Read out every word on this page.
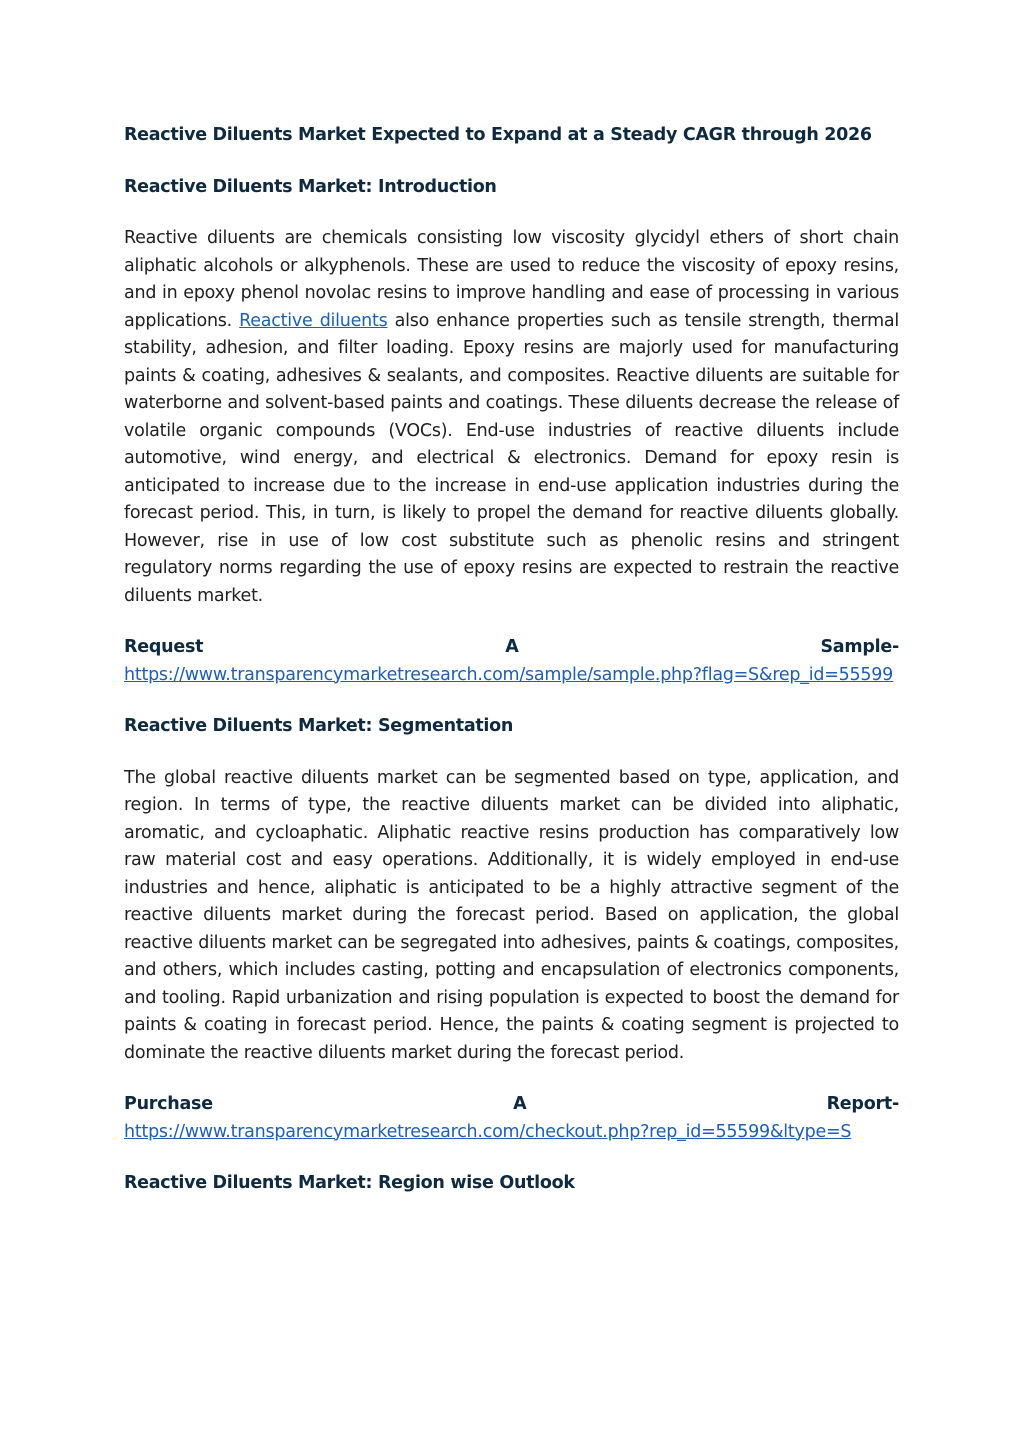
Reactive Diluents Market Expected to Expand at a Steady CAGR through 2026
Reactive Diluents Market: Introduction

Reactive diluents are chemicals consisting low viscosity glycidyl ethers of short chain aliphatic alcohols or alkyphenols. These are used to reduce the viscosity of epoxy resins, and in epoxy phenol novolac resins to improve handling and ease of processing in various applications. Reactive diluents also enhance properties such as tensile strength, thermal stability, adhesion, and filter loading. Epoxy resins are majorly used for manufacturing paints & coating, adhesives & sealants, and composites. Reactive diluents are suitable for waterborne and solvent-based paints and coatings. These diluents decrease the release of volatile organic compounds (VOCs). End-use industries of reactive diluents include automotive, wind energy, and electrical & electronics. Demand for epoxy resin is anticipated to increase due to the increase in end-use application industries during the forecast period. This, in turn, is likely to propel the demand for reactive diluents globally. However, rise in use of low cost substitute such as phenolic resins and stringent regulatory norms regarding the use of epoxy resins are expected to restrain the reactive diluents market.

Request	A	Sample-
https://www.transparencymarketresearch.com/sample/sample.php?flag=S&rep_id=55599
Reactive Diluents Market: Segmentation

The global reactive diluents market can be segmented based on type, application, and region. In terms of type, the reactive diluents market can be divided into aliphatic, aromatic, and cycloaphatic. Aliphatic reactive resins production has comparatively low raw material cost and easy operations. Additionally, it is widely employed in end-use industries and hence, aliphatic is anticipated to be a highly attractive segment of the reactive diluents market during the forecast period. Based on application, the global reactive diluents market can be segregated into adhesives, paints & coatings, composites, and others, which includes casting, potting and encapsulation of electronics components, and tooling. Rapid urbanization and rising population is expected to boost the demand for paints & coating in forecast period. Hence, the paints & coating segment is projected to dominate the reactive diluents market during the forecast period.

Purchase	A	Report-
https://www.transparencymarketresearch.com/checkout.php?rep_id=55599&ltype=S
Reactive Diluents Market: Region wise Outlook
